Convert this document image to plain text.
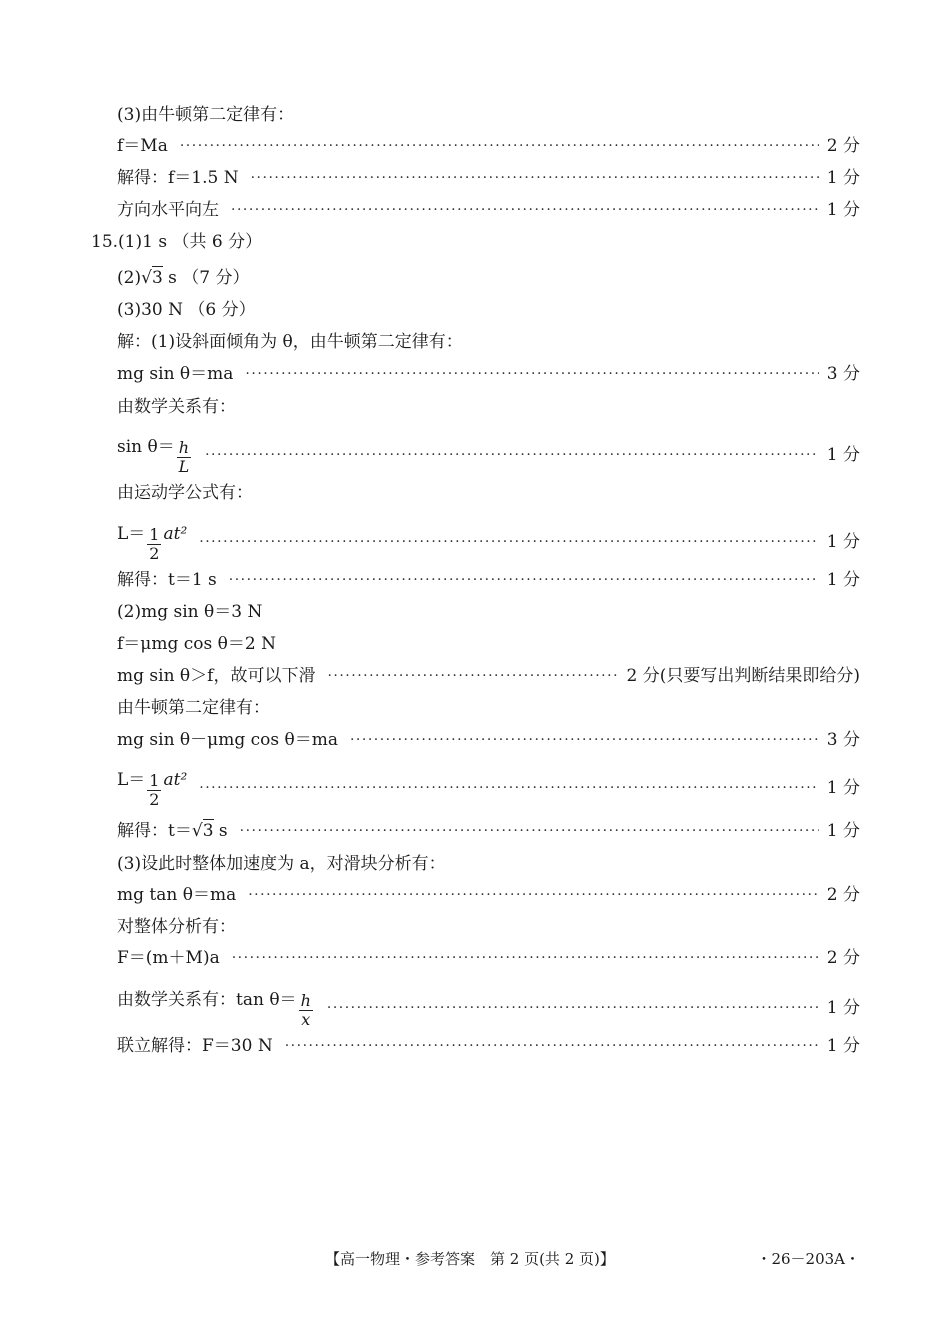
(3)由牛顿第二定律有：
f＝Ma ·····	2 分
解得：f＝1.5 N ·····	1 分
方向水平向左 ·····	1 分
15.(1)1 s （共 6 分）
(2)√3 s （7 分）
(3)30 N （6 分）
解：(1)设斜面倾角为 θ，由牛顿第二定律有：
mg sin θ＝ma ·····	3 分
由数学关系有：
$\sin \theta= \frac{h}{L}$ ·····	1 分
由运动学公式有：
$L= \frac{1}{2} at^2$ ·····	1 分
解得：t＝1 s ·····	1 分
(2)mg sin θ＝3 N
f＝μmg cos θ＝2 N
mg sin θ＞f，故可以下滑 ·····	2 分(只要写出判断结果即给分)
由牛顿第二定律有：
mg sin θ－μmg cos θ＝ma ·····	3 分
$L= \frac{1}{2} at^2$ ·····	1 分
解得：t＝√3 s ·····	1 分
(3)设此时整体加速度为 a，对滑块分析有：
mg tan θ＝ma ·····	2 分
对整体分析有：
F＝(m＋M)a ·····	2 分
由数学关系有：$\tan \theta= \frac{h}{x}$ ·····	1 分
联立解得：F＝30 N ·····	1 分
【高一物理・参考答案　第 2 页(共 2 页)】	・26－203A・
